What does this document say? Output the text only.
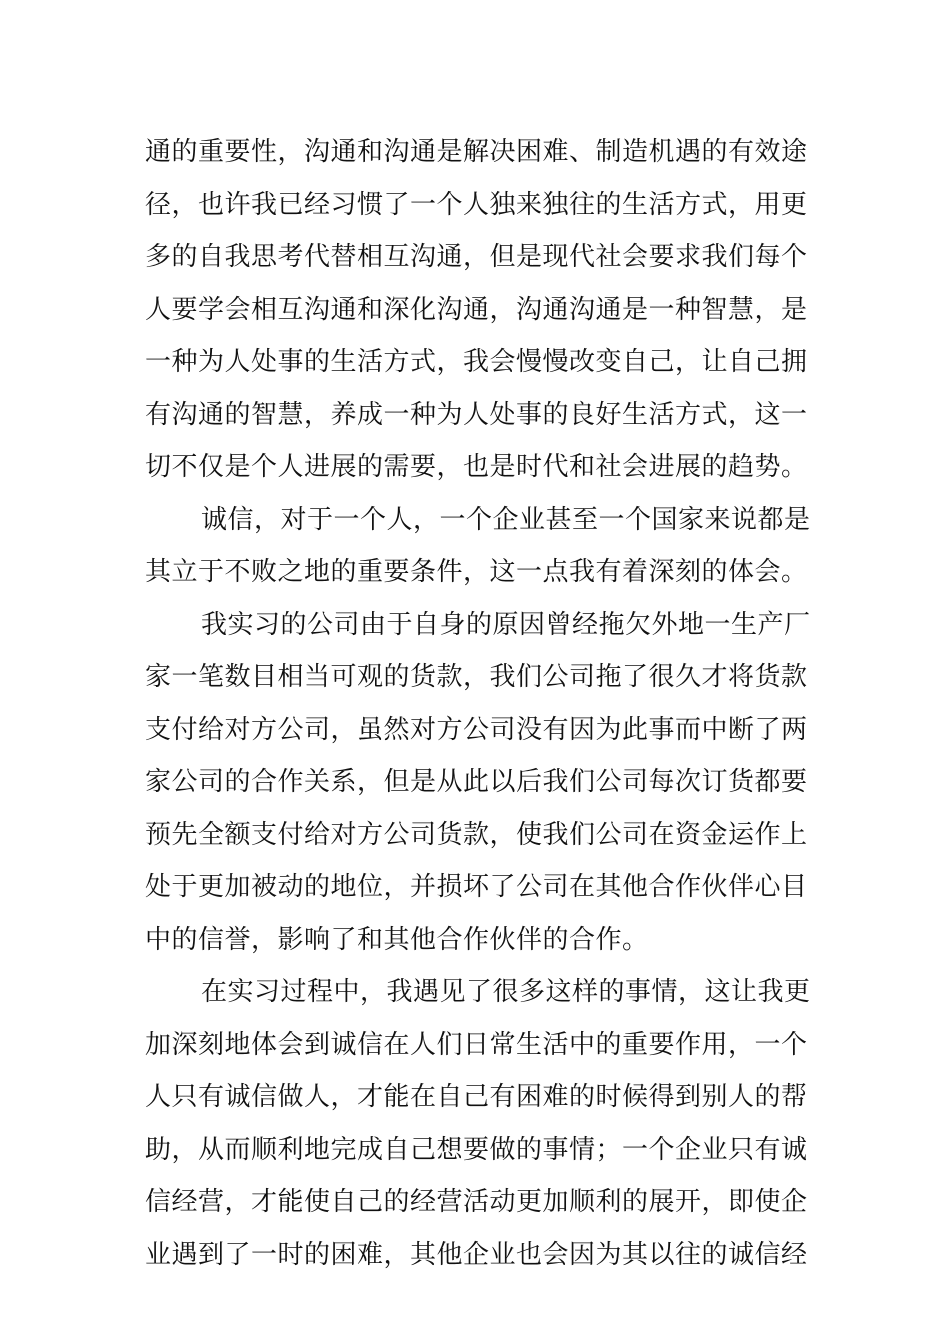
通的重要性，沟通和沟通是解决困难、制造机遇的有效途
径，也许我已经习惯了一个人独来独往的生活方式，用更
多的自我思考代替相互沟通，但是现代社会要求我们每个
人要学会相互沟通和深化沟通，沟通沟通是一种智慧，是
一种为人处事的生活方式，我会慢慢改变自己，让自己拥
有沟通的智慧，养成一种为人处事的良好生活方式，这一
切不仅是个人进展的需要，也是时代和社会进展的趋势。
诚信，对于一个人，一个企业甚至一个国家来说都是
其立于不败之地的重要条件，这一点我有着深刻的体会。
我实习的公司由于自身的原因曾经拖欠外地一生产厂
家一笔数目相当可观的货款，我们公司拖了很久才将货款
支付给对方公司，虽然对方公司没有因为此事而中断了两
家公司的合作关系，但是从此以后我们公司每次订货都要
预先全额支付给对方公司货款，使我们公司在资金运作上
处于更加被动的地位，并损坏了公司在其他合作伙伴心目
中的信誉，影响了和其他合作伙伴的合作。
在实习过程中，我遇见了很多这样的事情，这让我更
加深刻地体会到诚信在人们日常生活中的重要作用，一个
人只有诚信做人，才能在自己有困难的时候得到别人的帮
助，从而顺利地完成自己想要做的事情；一个企业只有诚
信经营，才能使自己的经营活动更加顺利的展开，即使企
业遇到了一时的困难，其他企业也会因为其以往的诚信经
